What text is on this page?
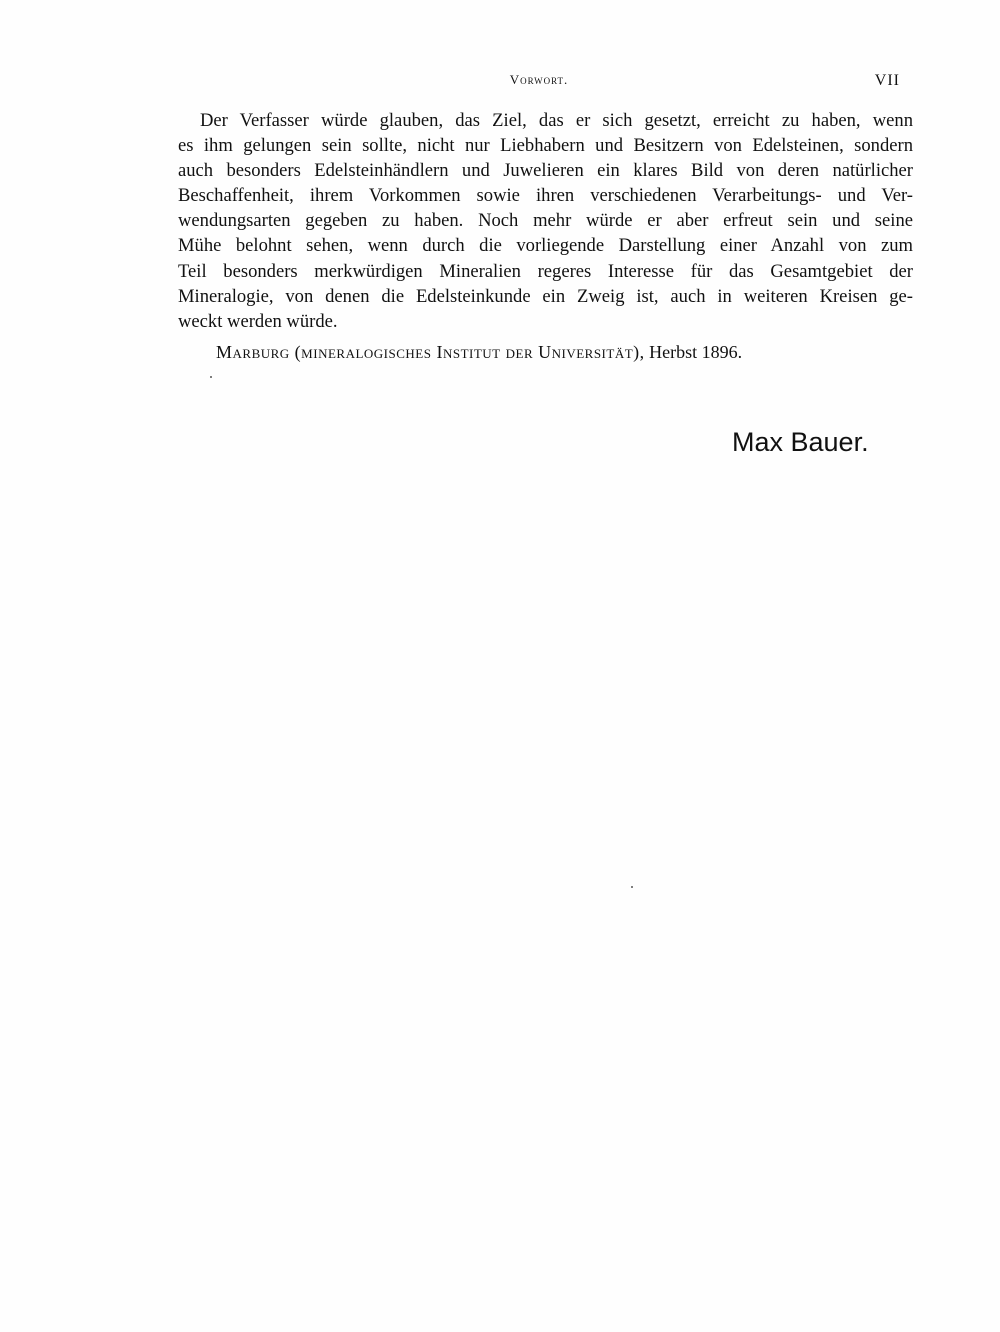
Vorwort.	VII
Der Verfasser würde glauben, das Ziel, das er sich gesetzt, erreicht zu haben, wenn
es ihm gelungen sein sollte, nicht nur Liebhabern und Besitzern von Edelsteinen, sondern
auch besonders Edelsteinhändlern und Juwelieren ein klares Bild von deren natürlicher
Beschaffenheit, ihrem Vorkommen sowie ihren verschiedenen Verarbeitungs- und Ver-
wendungsarten gegeben zu haben. Noch mehr würde er aber erfreut sein und seine
Mühe belohnt sehen, wenn durch die vorliegende Darstellung einer Anzahl von zum
Teil besonders merkwürdigen Mineralien regeres Interesse für das Gesamtgebiet der
Mineralogie, von denen die Edelsteinkunde ein Zweig ist, auch in weiteren Kreisen ge-
weckt werden würde.
Marburg (mineralogisches Institut der Universität), Herbst 1896.
Max Bauer.
